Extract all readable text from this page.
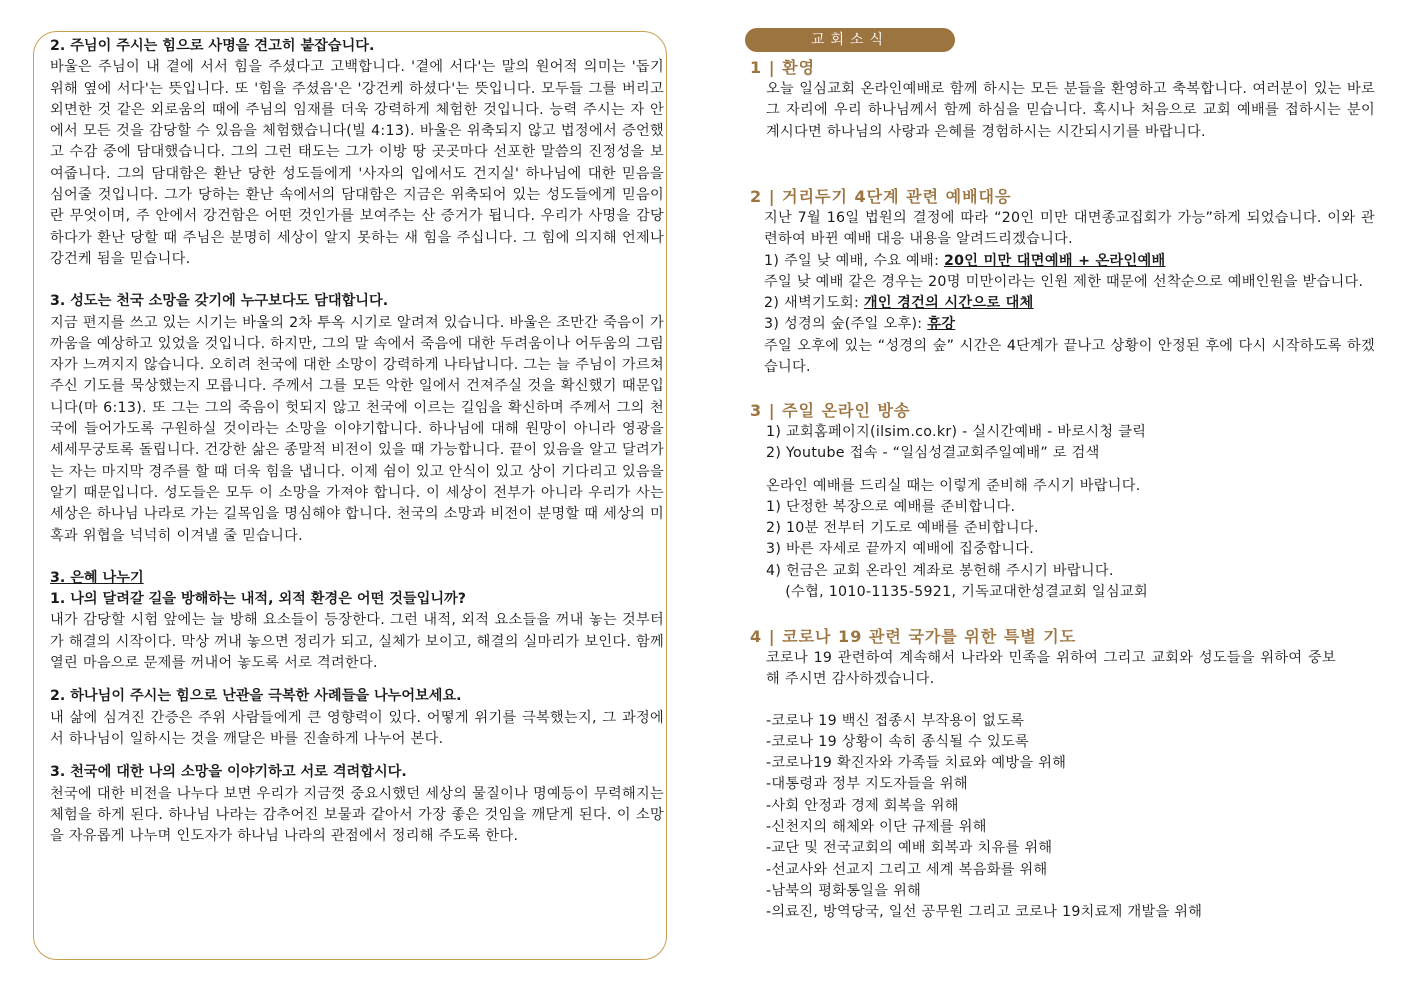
2. 주님이 주시는 힘으로 사명을 견고히 붙잡습니다.
바울은 주님이 내 곁에 서서 힘을 주셨다고 고백합니다. '곁에 서다'는 말의 원어적 의미는 '돕기 위해 옆에 서다'는 뜻입니다. 또 '힘을 주셨음'은 '강건케 하셨다'는 뜻입니다. 모두들 그를 버리고 외면한 것 같은 외로움의 때에 주님의 임재를 더욱 강력하게 체험한 것입니다. 능력 주시는 자 안에서 모든 것을 감당할 수 있음을 체험했습니다(빌 4:13). 바울은 위축되지 않고 법정에서 증언했고 수감 중에 담대했습니다. 그의 그런 태도는 그가 이방 땅 곳곳마다 선포한 말씀의 진정성을 보여줍니다. 그의 담대함은 환난 당한 성도들에게 '사자의 입에서도 건지실' 하나님에 대한 믿음을 심어줄 것입니다. 그가 당하는 환난 속에서의 담대함은 지금은 위축되어 있는 성도들에게 믿음이란 무엇이며, 주 안에서 강건함은 어떤 것인가를 보여주는 산 증거가 됩니다. 우리가 사명을 감당하다가 환난 당할 때 주님은 분명히 세상이 알지 못하는 새 힘을 주십니다. 그 힘에 의지해 언제나 강건케 됨을 믿습니다.
3. 성도는 천국 소망을 갖기에 누구보다도 담대합니다.
지금 편지를 쓰고 있는 시기는 바울의 2차 투옥 시기로 알려져 있습니다. 바울은 조만간 죽음이 가까움을 예상하고 있었을 것입니다. 하지만, 그의 말 속에서 죽음에 대한 두려움이나 어두움의 그림자가 느껴지지 않습니다. 오히려 천국에 대한 소망이 강력하게 나타납니다. 그는 늘 주님이 가르쳐주신 기도를 묵상했는지 모릅니다. 주께서 그를 모든 악한 일에서 건져주실 것을 확신했기 때문입니다(마 6:13). 또 그는 그의 죽음이 헛되지 않고 천국에 이르는 길임을 확신하며 주께서 그의 천국에 들어가도록 구원하실 것이라는 소망을 이야기합니다. 하나님에 대해 원망이 아니라 영광을 세세무궁토록 돌립니다. 건강한 삶은 종말적 비전이 있을 때 가능합니다. 끝이 있음을 알고 달려가는 자는 마지막 경주를 할 때 더욱 힘을 냅니다. 이제 쉼이 있고 안식이 있고 상이 기다리고 있음을 알기 때문입니다. 성도들은 모두 이 소망을 가져야 합니다. 이 세상이 전부가 아니라 우리가 사는 세상은 하나님 나라로 가는 길목임을 명심해야 합니다. 천국의 소망과 비전이 분명할 때 세상의 미혹과 위협을 넉넉히 이겨낼 줄 믿습니다.
3. 은혜 나누기
1. 나의 달려갈 길을 방해하는 내적, 외적 환경은 어떤 것들입니까?
내가 감당할 시험 앞에는 늘 방해 요소들이 등장한다. 그런 내적, 외적 요소들을 꺼내 놓는 것부터가 해결의 시작이다. 막상 꺼내 놓으면 정리가 되고, 실체가 보이고, 해결의 실마리가 보인다. 함께 열린 마음으로 문제를 꺼내어 놓도록 서로 격려한다.
2. 하나님이 주시는 힘으로 난관을 극복한 사례들을 나누어보세요.
내 삶에 심겨진 간증은 주위 사람들에게 큰 영향력이 있다. 어떻게 위기를 극복했는지, 그 과정에서 하나님이 일하시는 것을 깨달은 바를 진솔하게 나누어 본다.
3. 천국에 대한 나의 소망을 이야기하고 서로 격려합시다.
천국에 대한 비전을 나누다 보면 우리가 지금껏 중요시했던 세상의 물질이나 명예등이 무력해지는 체험을 하게 된다. 하나님 나라는 감추어진 보물과 같아서 가장 좋은 것임을 깨닫게 된다. 이 소망을 자유롭게 나누며 인도자가 하나님 나라의 관점에서 정리해 주도록 한다.
교회소식
1 | 환영
오늘 일심교회 온라인예배로 함께 하시는 모든 분들을 환영하고 축복합니다. 여러분이 있는 바로 그 자리에 우리 하나님께서 함께 하심을 믿습니다. 혹시나 처음으로 교회 예배를 접하시는 분이 계시다면 하나님의 사랑과 은혜를 경험하시는 시간되시기를 바랍니다.
2 | 거리두기 4단계 관련 예배대응
지난 7월 16일 법원의 결정에 따라 “20인 미만 대면종교집회가 가능”하게 되었습니다. 이와 관련하여 바뀐 예배 대응 내용을 알려드리겠습니다.
1) 주일 낮 예배, 수요 예배: 20인 미만 대면예배 + 온라인예배
주일 낮 예배 같은 경우는 20명 미만이라는 인원 제한 때문에 선착순으로 예배인원을 받습니다.
2) 새벽기도회: 개인 경건의 시간으로 대체
3) 성경의 숲(주일 오후): 휴강
주일 오후에 있는 “성경의 숲” 시간은 4단계가 끝나고 상황이 안정된 후에 다시 시작하도록 하겠습니다.
3 | 주일 온라인 방송
1) 교회홈페이지(ilsim.co.kr) - 실시간예배 - 바로시청 클릭
2) Youtube 접속 - “일심성결교회주일예배” 로 검색
온라인 예배를 드리실 때는 이렇게 준비해 주시기 바랍니다.
1) 단정한 복장으로 예배를 준비합니다.
2) 10분 전부터 기도로 예배를 준비합니다.
3) 바른 자세로 끝까지 예배에 집중합니다.
4) 헌금은 교회 온라인 계좌로 봉헌해 주시기 바랍니다.
(수협, 1010-1135-5921, 기독교대한성결교회 일심교회
4 | 코로나 19 관련 국가를 위한 특별 기도
코로나 19 관련하여 계속해서 나라와 민족을 위하여 그리고 교회와 성도들을 위하여 중보해 주시면 감사하겠습니다.
-코로나 19 백신 접종시 부작용이 없도록
-코로나 19 상황이 속히 종식될 수 있도록
-코로나19 확진자와 가족들 치료와 예방을 위해
-대통령과 정부 지도자들을 위해
-사회 안정과 경제 회복을 위해
-신천지의 해체와 이단 규제를 위해
-교단 및 전국교회의 예배 회복과 치유를 위해
-선교사와 선교지 그리고 세계 복음화를 위해
-남북의 평화통일을 위해
-의료진, 방역당국, 일선 공무원 그리고 코로나 19치료제 개발을 위해
